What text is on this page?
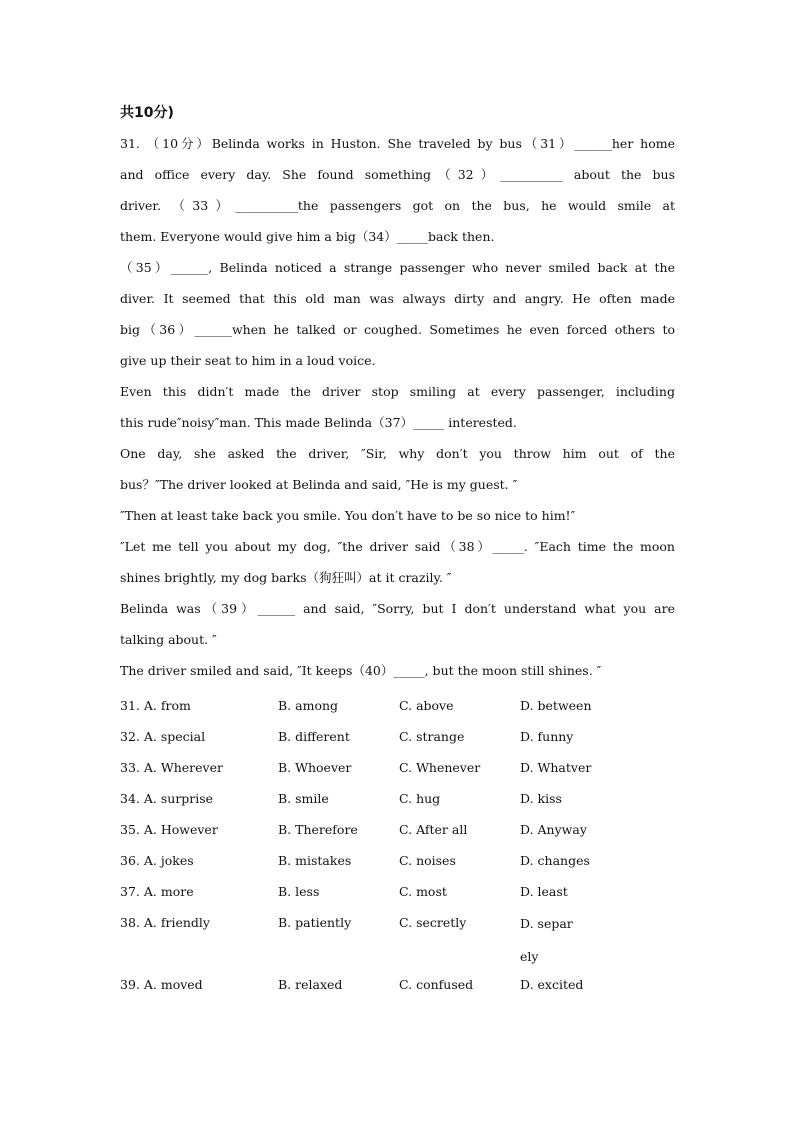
共10分)
31. （10分）Belinda works in Huston. She traveled by bus（31）______her home
and office every day. She found something（32）__________ about the bus
driver. （33）__________the passengers got on the bus, he would smile at
them. Everyone would give him a big（34）_____back then.
（35）______, Belinda noticed a strange passenger who never smiled back at the
diver. It seemed that this old man was always dirty and angry. He often made
big（36）______when he talked or coughed. Sometimes he even forced others to
give up their seat to him in a loud voice.
Even this didn′t made the driver stop smiling at every passenger, including
this rude″noisy″man. This made Belinda（37）_____ interested.
One day, she asked the driver, ″Sir, why don′t you throw him out of the
bus？″The driver looked at Belinda and said, ″He is my guest. ″
″Then at least take back you smile. You don′t have to be so nice to him!″
″Let me tell you about my dog, ″the driver said（38）_____. ″Each time the moon
shines brightly, my dog barks（狗狂叫）at it crazily. ″
Belinda was（39）______ and said, ″Sorry, but I don′t understand what you are
talking about. ″
The driver smiled and said, ″It keeps（40）_____, but the moon still shines. ″
31. A. from	B. among	C. above	D. between
32. A. special	B. different	C. strange	D. funny
33. A. Wherever	B. Whoever	C. Whenever	D. Whatver
34. A. surprise	B. smile	C. hug	D. kiss
35. A. However	B. Therefore	C. After all	D. Anyway
36. A. jokes	B. mistakes	C. noises	D. changes
37. A. more	B. less	C. most	D. least
38. A. friendly	B. patiently	C. secretly	D. separely
39. A. moved	B. relaxed	C. confused	D. excited
